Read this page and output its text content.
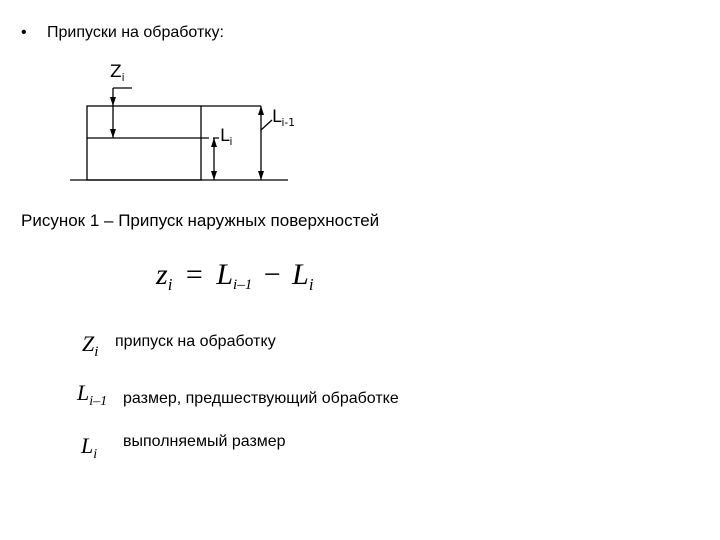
• Припуски на обработку:
$Z_i$
$L_{i-1}$
$L_i$
Рисунок 1 – Припуск наружных поверхностей
zi = Li–1 − Li
$Z_i$
припуск на обработку
$L_{i-1}$ размер, предшествующий обработке
$L_i$
выполняемый размер
